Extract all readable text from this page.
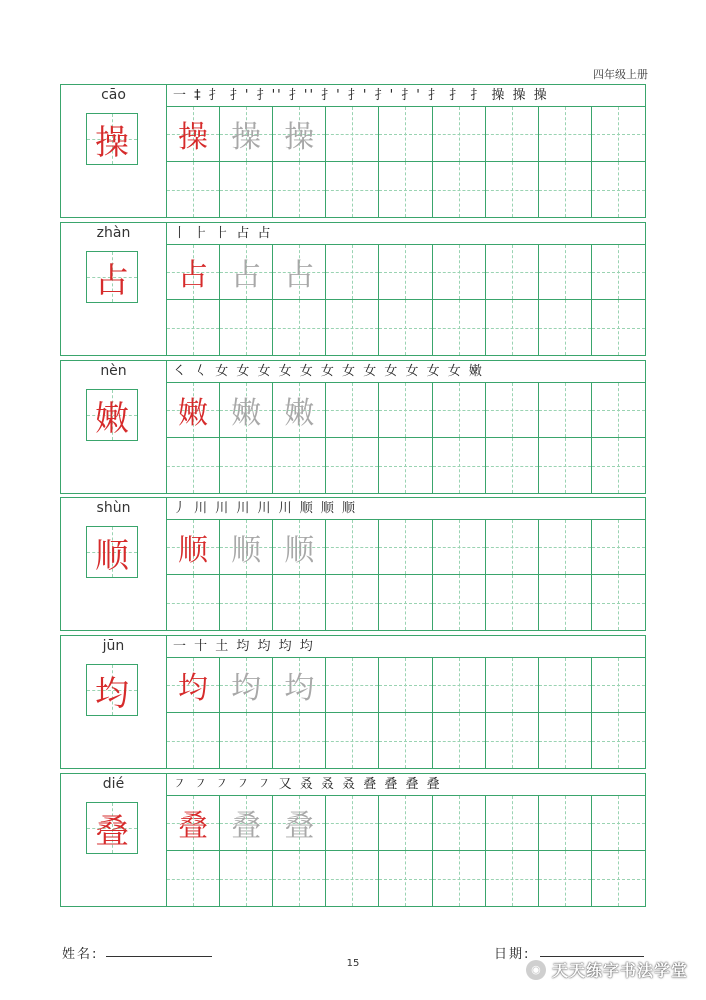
四年级上册
cāo
操
一 ‡ 扌 扌' 扌'' 扌'' 扌' 扌' 扌' 扌' 扌 扌 扌 操 操 操
操 操 操
zhàn
占
丨 ⺊ ⺊ 占 占
占 占 占
nèn
嫩
㇛ 𡿨 女 女 女 女 女 女 女 女 女 女 女 女 嫩
嫩 嫩 嫩
shùn
顺
丿 川 川 川 川 川 顺 顺 顺
顺 顺 顺
jūn
均
一 十 土 均 均 均 均
均 均 均
dié
叠
㇇ ㇇ ㇇ ㇇ ㇇ 又 叒 叒 叒 叠 叠 叠 叠
叠 叠 叠
姓名:	日期:
15	◉ 天天练字书法学堂
